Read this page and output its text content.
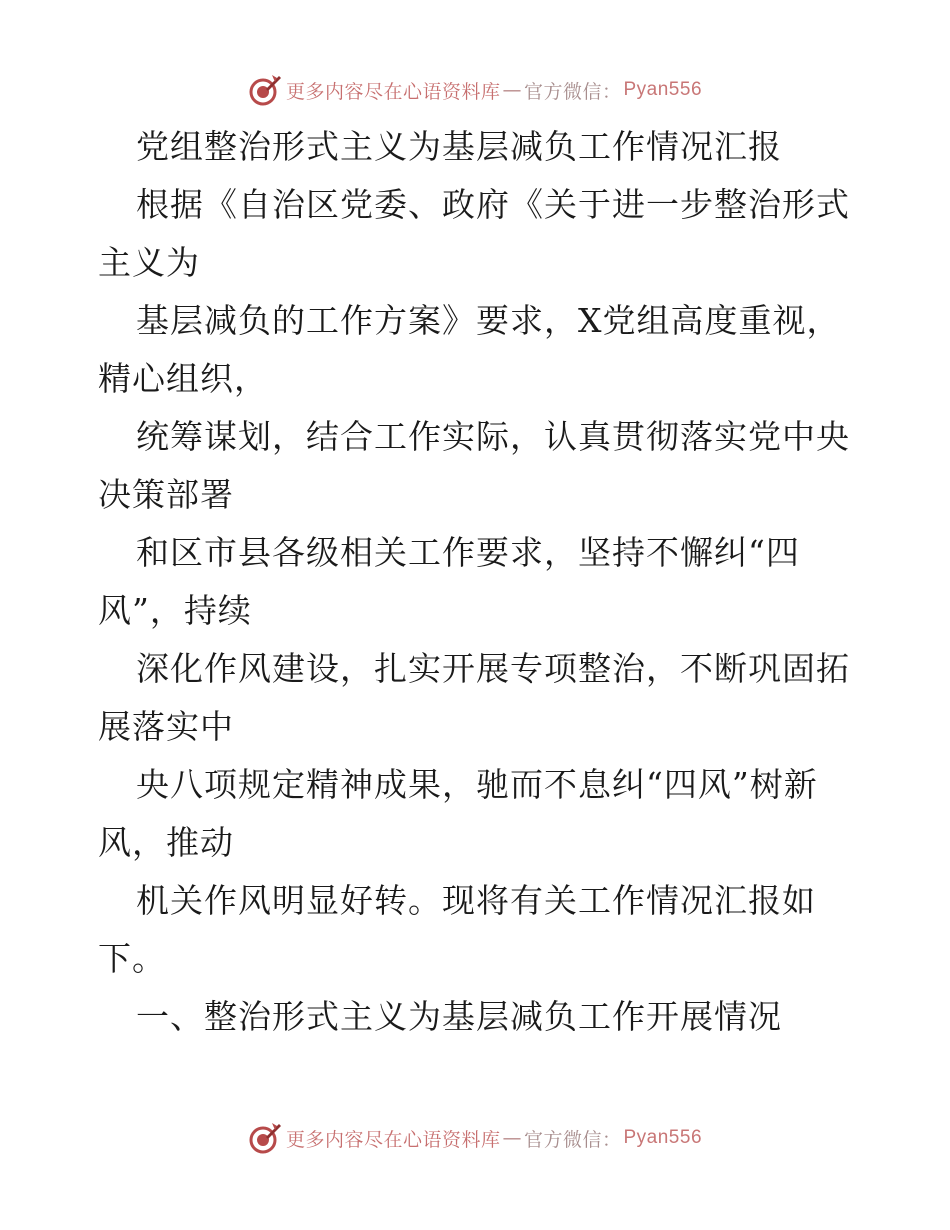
更多内容尽在心语资料库 — 官方微信： Pyan556
党组整治形式主义为基层减负工作情况汇报
根据《自治区党委、政府《关于进一步整治形式
主义为
基层减负的工作方案》要求，X党组高度重视，
精心组织，
统筹谋划，结合工作实际，认真贯彻落实党中央
决策部署
和区市县各级相关工作要求，坚持不懈纠“四
风”，持续
深化作风建设，扎实开展专项整治，不断巩固拓
展落实中
央八项规定精神成果，驰而不息纠“四风”树新
风，推动
机关作风明显好转。现将有关工作情况汇报如
下。
一、整治形式主义为基层减负工作开展情况
更多内容尽在心语资料库 — 官方微信： Pyan556
